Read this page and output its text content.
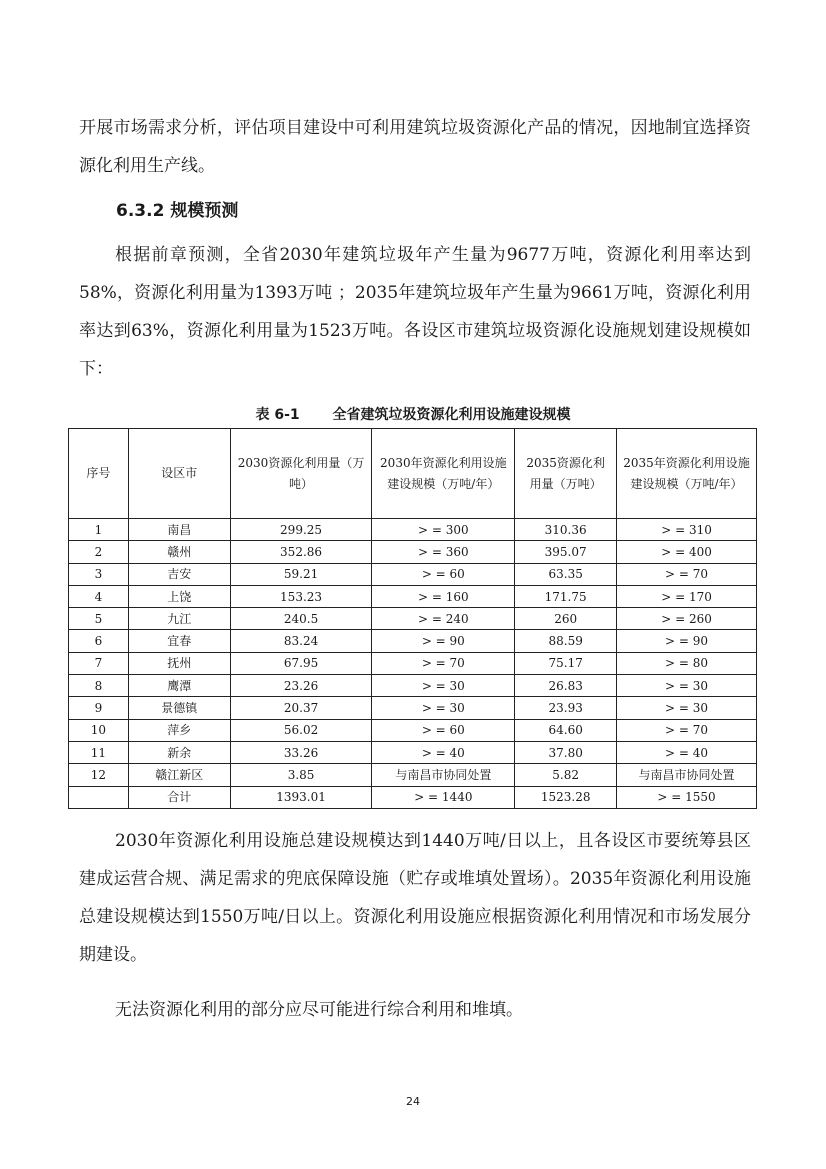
开展市场需求分析，评估项目建设中可利用建筑垃圾资源化产品的情况，因地制宜选择资源化利用生产线。

6.3.2 规模预测

根据前章预测，全省2030年建筑垃圾年产生量为9677万吨，资源化利用率达到58%，资源化利用量为1393万吨 ；2035年建筑垃圾年产生量为9661万吨，资源化利用率达到63%，资源化利用量为1523万吨。各设区市建筑垃圾资源化设施规划建设规模如下：

表 6-1 全省建筑垃圾资源化利用设施建设规模

序号	设区市	2030资源化利用量（万吨）	2030年资源化利用设施建设规模（万吨/年）	2035资源化利用量（万吨）	2035年资源化利用设施建设规模（万吨/年）
1	南昌	299.25	> = 300	310.36	> = 310
2	赣州	352.86	> = 360	395.07	> = 400
3	吉安	59.21	> = 60	63.35	> = 70
4	上饶	153.23	> = 160	171.75	> = 170
5	九江	240.5	> = 240	260	> = 260
6	宜春	83.24	> = 90	88.59	> = 90
7	抚州	67.95	> = 70	75.17	> = 80
8	鹰潭	23.26	> = 30	26.83	> = 30
9	景德镇	20.37	> = 30	23.93	> = 30
10	萍乡	56.02	> = 60	64.60	> = 70
11	新余	33.26	> = 40	37.80	> = 40
12	赣江新区	3.85	与南昌市协同处置	5.82	与南昌市协同处置
	合计	1393.01	> = 1440	1523.28	> = 1550

2030年资源化利用设施总建设规模达到1440万吨/日以上，且各设区市要统筹县区建成运营合规、满足需求的兜底保障设施（贮存或堆填处置场）。2035年资源化利用设施总建设规模达到1550万吨/日以上。资源化利用设施应根据资源化利用情况和市场发展分期建设。

无法资源化利用的部分应尽可能进行综合利用和堆填。

24
